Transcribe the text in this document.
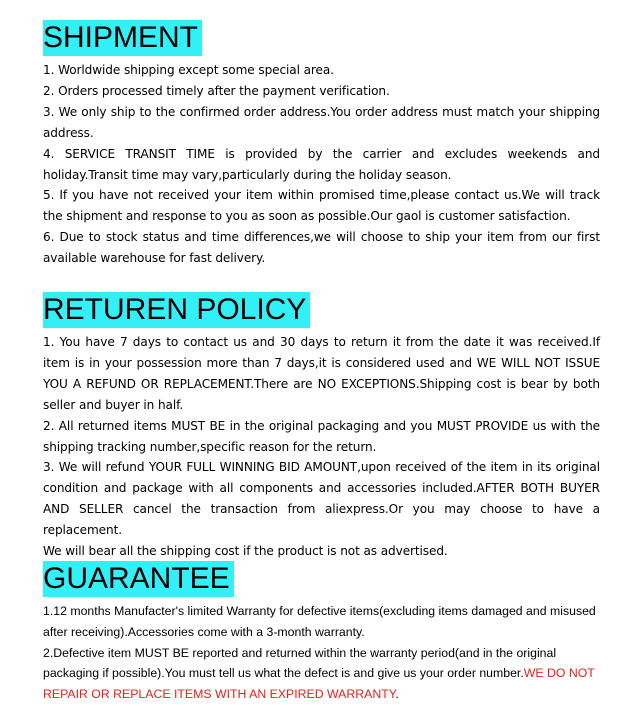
SHIPMENT

1. Worldwide shipping except some special area.

2. Orders processed timely after the payment verification.

3. We only ship to the confirmed order address.You order address must match your shipping address.

4. SERVICE TRANSIT TIME is provided by the carrier and excludes weekends and holiday.Transit time may vary,particularly during the holiday season.

5. If you have not received your item within promised time,please contact us.We will track the shipment and response to you as soon as possible.Our gaol is customer satisfaction.

6. Due to stock status and time differences,we will choose to ship your item from our first available warehouse for fast delivery.

RETUREN POLICY

1. You have 7 days to contact us and 30 days to return it from the date it was received.If item is in your possession more than 7 days,it is considered used and WE WILL NOT ISSUE YOU A REFUND OR REPLACEMENT.There are NO EXCEPTIONS.Shipping cost is bear by both seller and buyer in half.

2. All returned items MUST BE in the original packaging and you MUST PROVIDE us with the shipping tracking number,specific reason for the return.

3. We will refund YOUR FULL WINNING BID AMOUNT,upon received of the item in its original condition and package with all components and accessories included.AFTER BOTH BUYER AND SELLER cancel the transaction from aliexpress.Or you may choose to have a replacement.

We will bear all the shipping cost if the product is not as advertised.

GUARANTEE

1.12 months Manufacter's limited Warranty for defective items(excluding items damaged and misused after receiving).Accessories come with a 3-month warranty.

2.Defective item MUST BE reported and returned within the warranty period(and in the original packaging if possible).You must tell us what the defect is and give us your order number.WE DO NOT REPAIR OR REPLACE ITEMS WITH AN EXPIRED WARRANTY.
